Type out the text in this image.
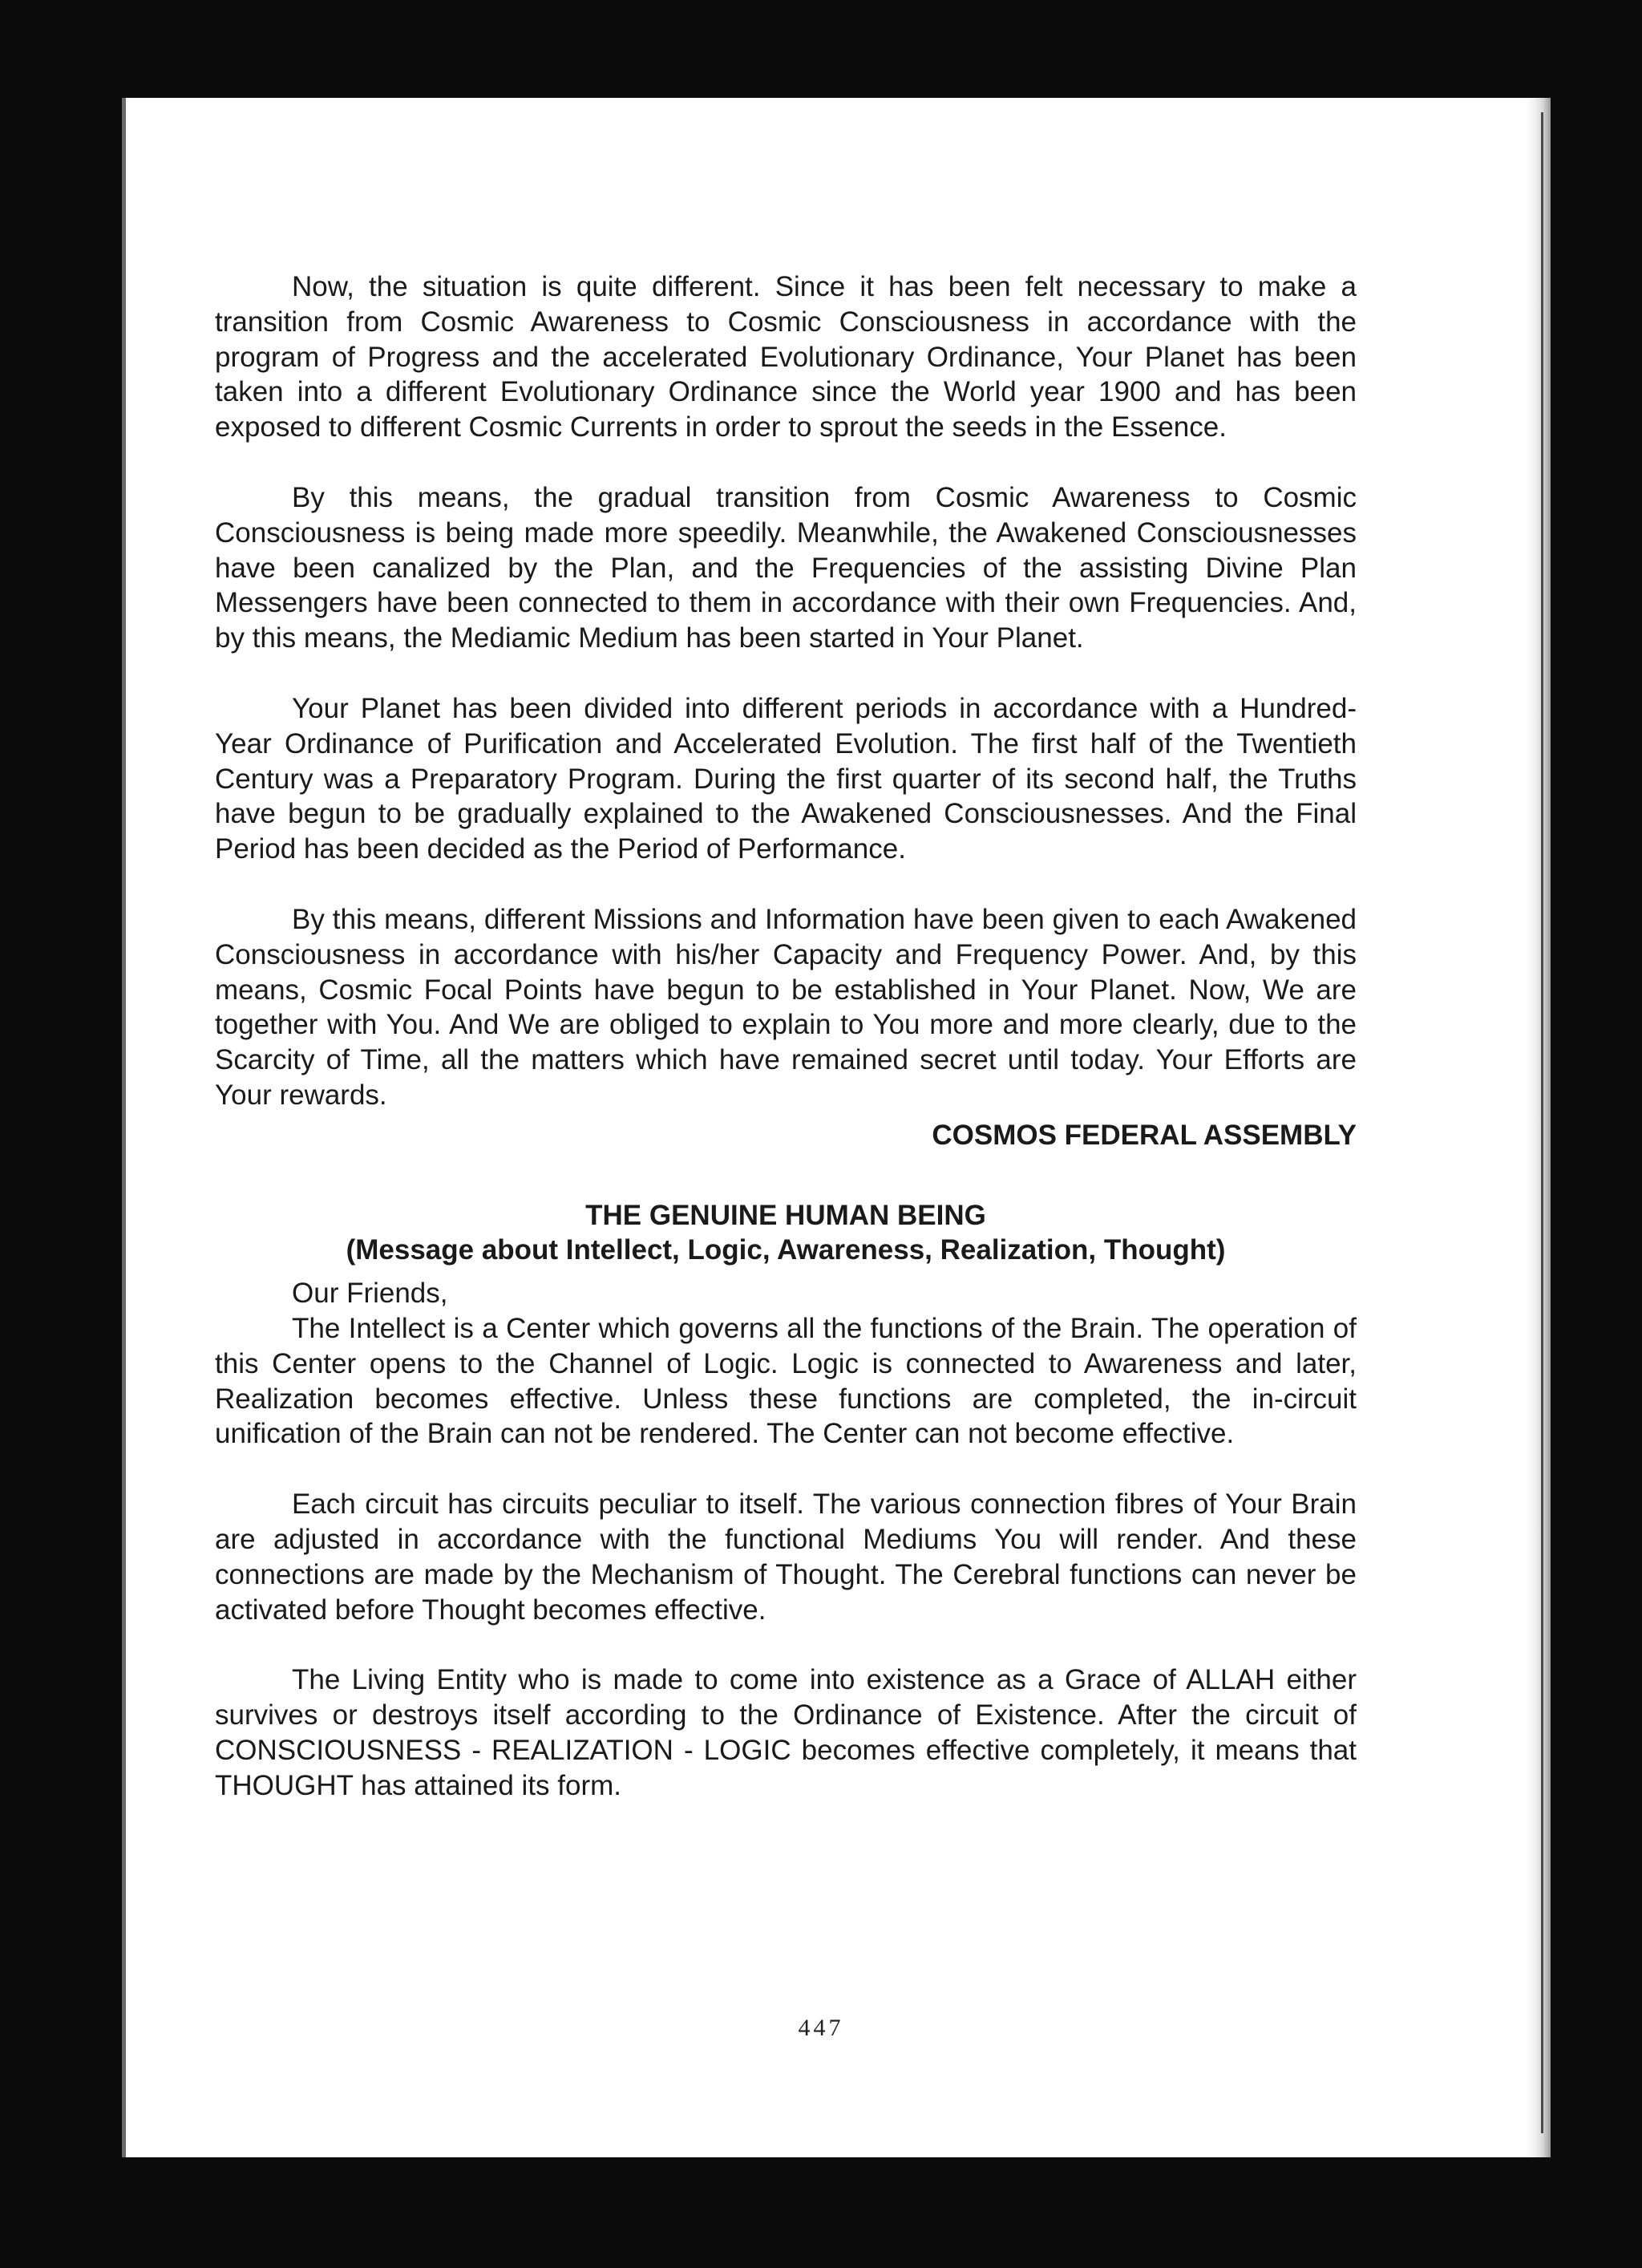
Now, the situation is quite different. Since it has been felt necessary to make a transition from Cosmic Awareness to Cosmic Consciousness in accordance with the program of Progress and the accelerated Evolutionary Ordinance, Your Planet has been taken into a different Evolutionary Ordinance since the World year 1900 and has been exposed to different Cosmic Currents in order to sprout the seeds in the Essence.

By this means, the gradual transition from Cosmic Awareness to Cosmic Consciousness is being made more speedily. Meanwhile, the Awakened Consciousnesses have been canalized by the Plan, and the Frequencies of the assisting Divine Plan Messengers have been connected to them in accordance with their own Frequencies. And, by this means, the Mediamic Medium has been started in Your Planet.

Your Planet has been divided into different periods in accordance with a Hundred-Year Ordinance of Purification and Accelerated Evolution. The first half of the Twentieth Century was a Preparatory Program. During the first quarter of its second half, the Truths have begun to be gradually explained to the Awakened Consciousnesses. And the Final Period has been decided as the Period of Performance.

By this means, different Missions and Information have been given to each Awakened Consciousness in accordance with his/her Capacity and Frequency Power. And, by this means, Cosmic Focal Points have begun to be established in Your Planet. Now, We are together with You. And We are obliged to explain to You more and more clearly, due to the Scarcity of Time, all the matters which have remained secret until today. Your Efforts are Your rewards.

COSMOS FEDERAL ASSEMBLY

THE GENUINE HUMAN BEING

(Message about Intellect, Logic, Awareness, Realization, Thought)

Our Friends,

The Intellect is a Center which governs all the functions of the Brain. The operation of this Center opens to the Channel of Logic. Logic is connected to Awareness and later, Realization becomes effective. Unless these functions are completed, the in-circuit unification of the Brain can not be rendered. The Center can not become effective.

Each circuit has circuits peculiar to itself. The various connection fibres of Your Brain are adjusted in accordance with the functional Mediums You will render. And these connections are made by the Mechanism of Thought. The Cerebral functions can never be activated before Thought becomes effective.

The Living Entity who is made to come into existence as a Grace of ALLAH either survives or destroys itself according to the Ordinance of Existence. After the circuit of CONSCIOUSNESS - REALIZATION - LOGIC becomes effective completely, it means that THOUGHT has attained its form.

447
